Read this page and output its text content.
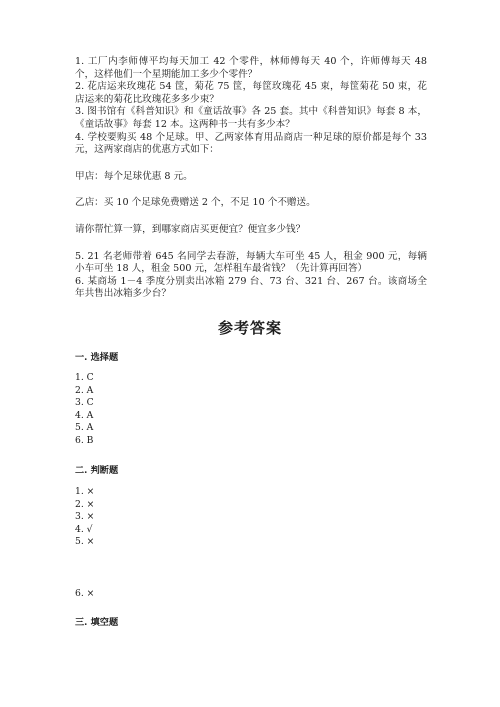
1. 工厂内李师傅平均每天加工 42 个零件，林师傅每天 40 个，许师傅每天 48 个，这样他们一个星期能加工多少个零件？

2. 花店运来玫瑰花 54 筐，菊花 75 筐，每筐玫瑰花 45 束，每筐菊花 50 束，花店运来的菊花比玫瑰花多多少束？

3. 图书馆有《科普知识》和《童话故事》各 25 套。其中《科普知识》每套 8 本，《童话故事》每套 12 本。这两种书一共有多少本？

4. 学校要购买 48 个足球。甲、乙两家体育用品商店一种足球的原价都是每个 33 元，这两家商店的优惠方式如下：

甲店：每个足球优惠 8 元。

乙店：买 10 个足球免费赠送 2 个，不足 10 个不赠送。

请你帮忙算一算，到哪家商店买更便宜？便宜多少钱？

5. 21 名老师带着 645 名同学去春游，每辆大车可坐 45 人，租金 900 元，每辆小车可坐 18 人，租金 500 元，怎样租车最省钱？（先计算再回答）

6. 某商场 1－4 季度分别卖出冰箱 279 台、73 台、321 台、267 台。该商场全年共售出冰箱多少台？

参考答案
一. 选择题
1. C
2. A
3. C
4. A
5. A
6. B
二. 判断题
1. ×
2. ×
3. ×
4. √
5. ×
6. ×
三. 填空题
